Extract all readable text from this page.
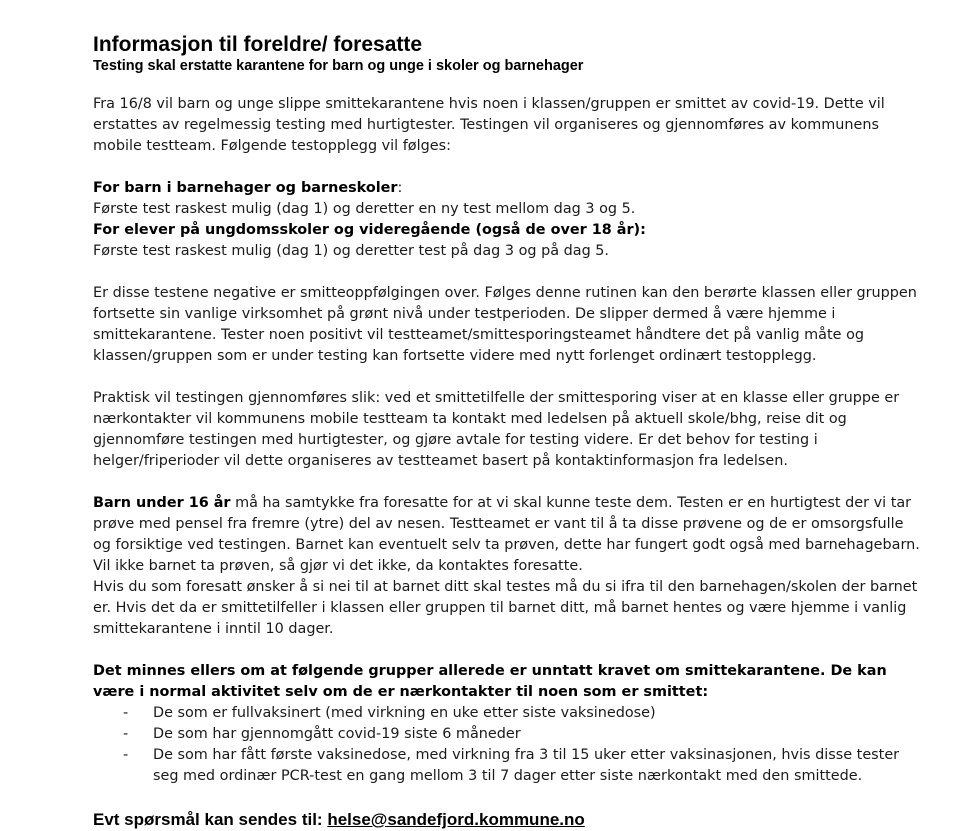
Informasjon til foreldre/ foresatte
Testing skal erstatte karantene for barn og unge i skoler og barnehager

Fra 16/8 vil barn og unge slippe smittekarantene hvis noen i klassen/gruppen er smittet av covid-19. Dette vil erstattes av regelmessig testing med hurtigtester. Testingen vil organiseres og gjennomføres av kommunens mobile testteam. Følgende testopplegg vil følges:

For barn i barnehager og barneskoler:

Første test raskest mulig (dag 1) og deretter en ny test mellom dag 3 og 5.

For elever på ungdomsskoler og videregående (også de over 18 år):

Første test raskest mulig (dag 1) og deretter test på dag 3 og på dag 5.

Er disse testene negative er smitteoppfølgingen over. Følges denne rutinen kan den berørte klassen eller gruppen fortsette sin vanlige virksomhet på grønt nivå under testperioden. De slipper dermed å være hjemme i smittekarantene. Tester noen positivt vil testteamet/smittesporingsteamet håndtere det på vanlig måte og klassen/gruppen som er under testing kan fortsette videre med nytt forlenget ordinært testopplegg.

Praktisk vil testingen gjennomføres slik: ved et smittetilfelle der smittesporing viser at en klasse eller gruppe er nærkontakter vil kommunens mobile testteam ta kontakt med ledelsen på aktuell skole/bhg, reise dit og gjennomføre testingen med hurtigtester, og gjøre avtale for testing videre. Er det behov for testing i helger/friperioder vil dette organiseres av testteamet basert på kontaktinformasjon fra ledelsen.

Barn under 16 år må ha samtykke fra foresatte for at vi skal kunne teste dem. Testen er en hurtigtest der vi tar prøve med pensel fra fremre (ytre) del av nesen. Testteamet er vant til å ta disse prøvene og de er omsorgsfulle og forsiktige ved testingen. Barnet kan eventuelt selv ta prøven, dette har fungert godt også med barnehagebarn. Vil ikke barnet ta prøven, så gjør vi det ikke, da kontaktes foresatte.

Hvis du som foresatt ønsker å si nei til at barnet ditt skal testes må du si ifra til den barnehagen/skolen der barnet er. Hvis det da er smittetilfeller i klassen eller gruppen til barnet ditt, må barnet hentes og være hjemme i vanlig smittekarantene i inntil 10 dager.

Det minnes ellers om at følgende grupper allerede er unntatt kravet om smittekarantene. De kan være i normal aktivitet selv om de er nærkontakter til noen som er smittet:

- De som er fullvaksinert (med virkning en uke etter siste vaksinedose)
- De som har gjennomgått covid-19 siste 6 måneder
- De som har fått første vaksinedose, med virkning fra 3 til 15 uker etter vaksinasjonen, hvis disse tester seg med ordinær PCR-test en gang mellom 3 til 7 dager etter siste nærkontakt med den smittede.
Evt spørsmål kan sendes til: helse@sandefjord.kommune.no
